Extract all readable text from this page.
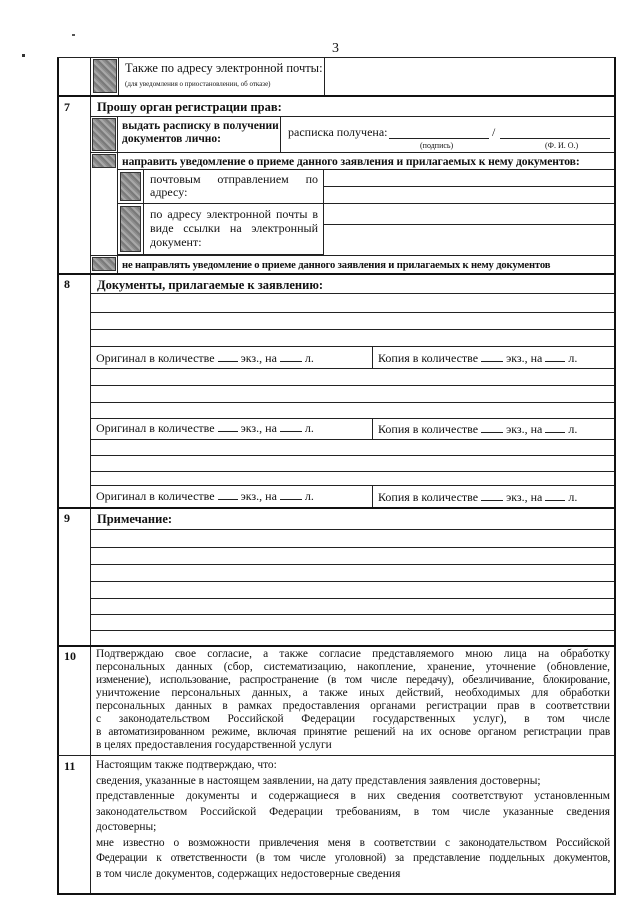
3
Также по адресу электронной почты:
(для уведомления о приостановлении, об отказе)
7 Прошу орган регистрации прав:
выдать расписку в получении
документов лично:	расписка получена:	/
(подпись)	(Ф. И. О.)
направить уведомление о приеме данного заявления и прилагаемых к нему документов:
почтовым отправлением по
адресу:
по адресу электронной почты в
виде ссылки на электронный
документ:
не направлять уведомление о приеме данного заявления и прилагаемых к нему документов
8 Документы, прилагаемые к заявлению:
Оригинал в количестве экз., на л.	Копия в количестве экз., на л.
Оригинал в количестве экз., на л.	Копия в количестве экз., на л.
Оригинал в количестве экз., на л.	Копия в количестве экз., на л.
9 Примечание:
10 Подтверждаю свое согласие, а также согласие представляемого мною лица на обработку
персональных данных (сбор, систематизацию, накопление, хранение, уточнение (обновление,
изменение), использование, распространение (в том числе передачу), обезличивание, блокирование,
уничтожение персональных данных, а также иных действий, необходимых для обработки
персональных данных в рамках предоставления органами регистрации прав в соответствии
с законодательством Российской Федерации государственных услуг), в том числе
в автоматизированном режиме, включая принятие решений на их основе органом регистрации прав
в целях предоставления государственной услуги
11 Настоящим также подтверждаю, что:
сведения, указанные в настоящем заявлении, на дату представления заявления достоверны;
представленные документы и содержащиеся в них сведения соответствуют установленным
законодательством Российской Федерации требованиям, в том числе указанные сведения
достоверны;
мне известно о возможности привлечения меня в соответствии с законодательством Российской
Федерации к ответственности (в том числе уголовной) за представление поддельных документов,
в том числе документов, содержащих недостоверные сведения
